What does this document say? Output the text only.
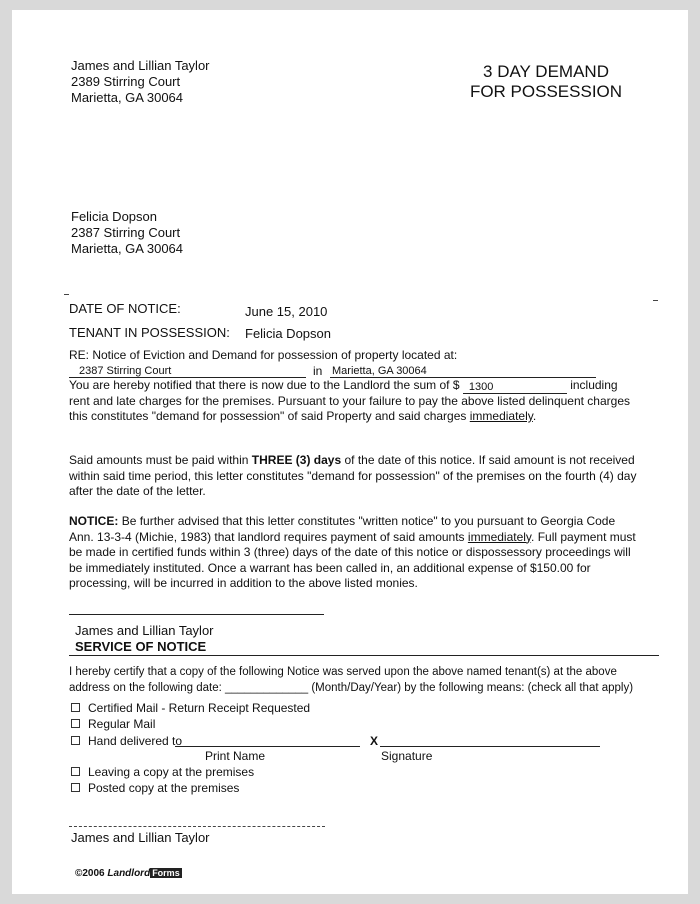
James and Lillian Taylor
2389 Stirring Court
Marietta, GA 30064
3 DAY DEMAND
FOR POSSESSION
Felicia Dopson
2387 Stirring Court
Marietta, GA 30064
DATE OF NOTICE:	June 15, 2010
TENANT IN POSSESSION: Felicia Dopson
RE: Notice of Eviction and Demand for possession of property located at:
2387 Stirring Court	in Marietta, GA 30064
You are hereby notified that there is now due to the Landlord the sum of $ 1300	including rent and late charges for the premises. Pursuant to your failure to pay the above listed delinquent charges this constitutes "demand for possession" of said Property and said charges immediately.
Said amounts must be paid within THREE (3) days of the date of this notice. If said amount is not received within said time period, this letter constitutes "demand for possession" of the premises on the fourth (4) day after the date of the letter.
NOTICE: Be further advised that this letter constitutes "written notice" to you pursuant to Georgia Code Ann. 13-3-4 (Michie, 1983) that landlord requires payment of said amounts immediately. Full payment must be made in certified funds within 3 (three) days of the date of this notice or dispossessory proceedings will be immediately instituted. Once a warrant has been called in, an additional expense of $150.00 for processing, will be incurred in addition to the above listed monies.
James and Lillian Taylor
SERVICE OF NOTICE
I hereby certify that a copy of the following Notice was served upon the above named tenant(s) at the above address on the following date: _____________ (Month/Day/Year) by the following means: (check all that apply)
Certified Mail - Return Receipt Requested
Regular Mail
Hand delivered to	X
Print Name	Signature
Leaving a copy at the premises
Posted copy at the premises
James and Lillian Taylor
©2006 Landlord Forms
